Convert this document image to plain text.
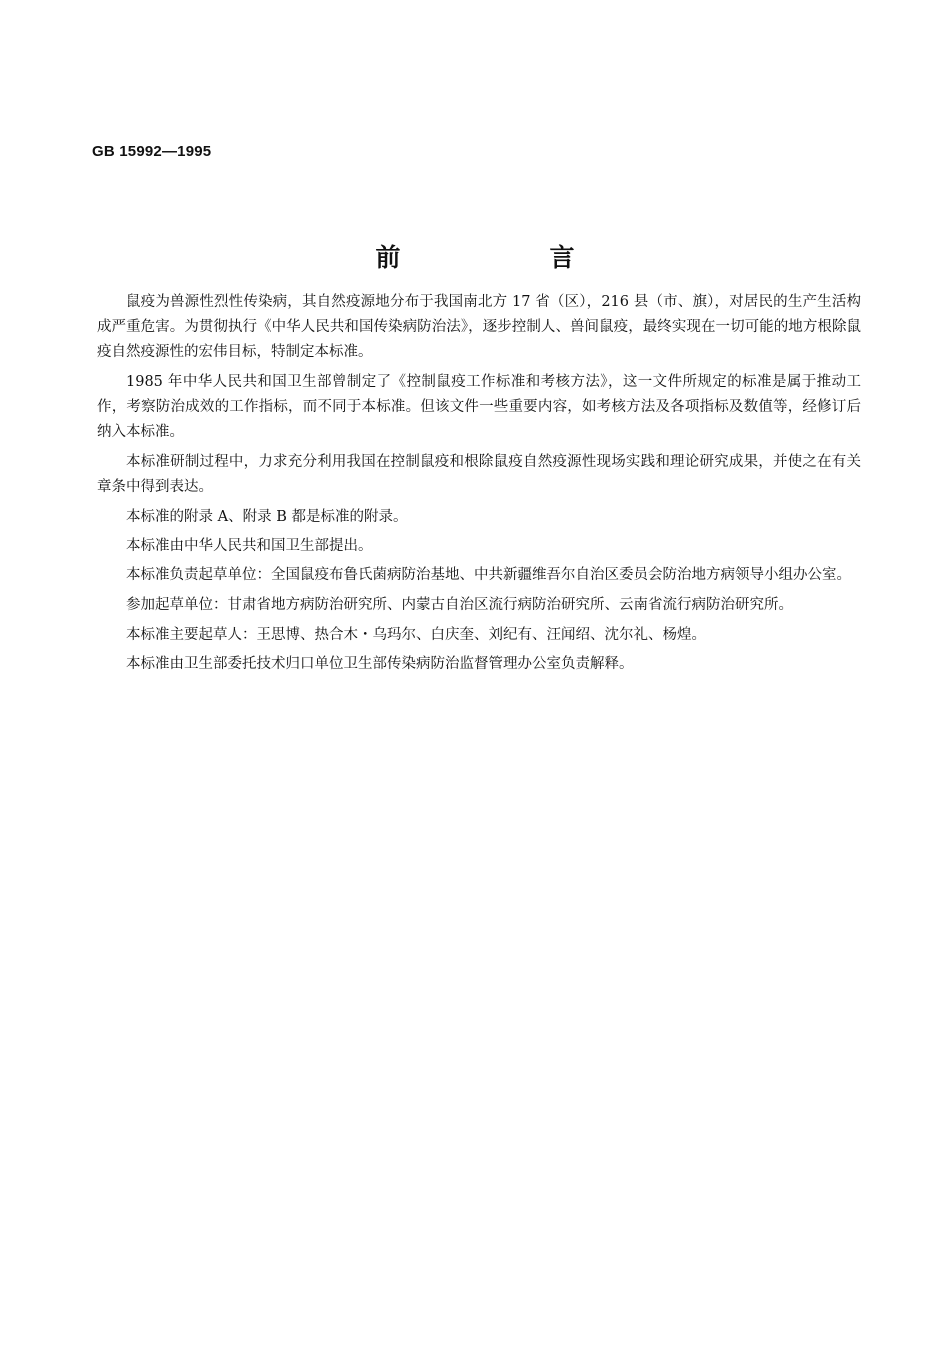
GB 15992—1995
前　言

鼠疫为兽源性烈性传染病，其自然疫源地分布于我国南北方 17 省（区），216 县（市、旗），对居民的生产生活构成严重危害。为贯彻执行《中华人民共和国传染病防治法》，逐步控制人、兽间鼠疫，最终实现在一切可能的地方根除鼠疫自然疫源性的宏伟目标，特制定本标准。

1985 年中华人民共和国卫生部曾制定了《控制鼠疫工作标准和考核方法》，这一文件所规定的标准是属于推动工作，考察防治成效的工作指标，而不同于本标准。但该文件一些重要内容，如考核方法及各项指标及数值等，经修订后纳入本标准。

本标准研制过程中，力求充分利用我国在控制鼠疫和根除鼠疫自然疫源性现场实践和理论研究成果，并使之在有关章条中得到表达。

本标准的附录 A、附录 B 都是标准的附录。

本标准由中华人民共和国卫生部提出。

本标准负责起草单位：全国鼠疫布鲁氏菌病防治基地、中共新疆维吾尔自治区委员会防治地方病领导小组办公室。

参加起草单位：甘肃省地方病防治研究所、内蒙古自治区流行病防治研究所、云南省流行病防治研究所。

本标准主要起草人：王思博、热合木・乌玛尔、白庆奎、刘纪有、汪闻绍、沈尔礼、杨煌。

本标准由卫生部委托技术归口单位卫生部传染病防治监督管理办公室负责解释。
